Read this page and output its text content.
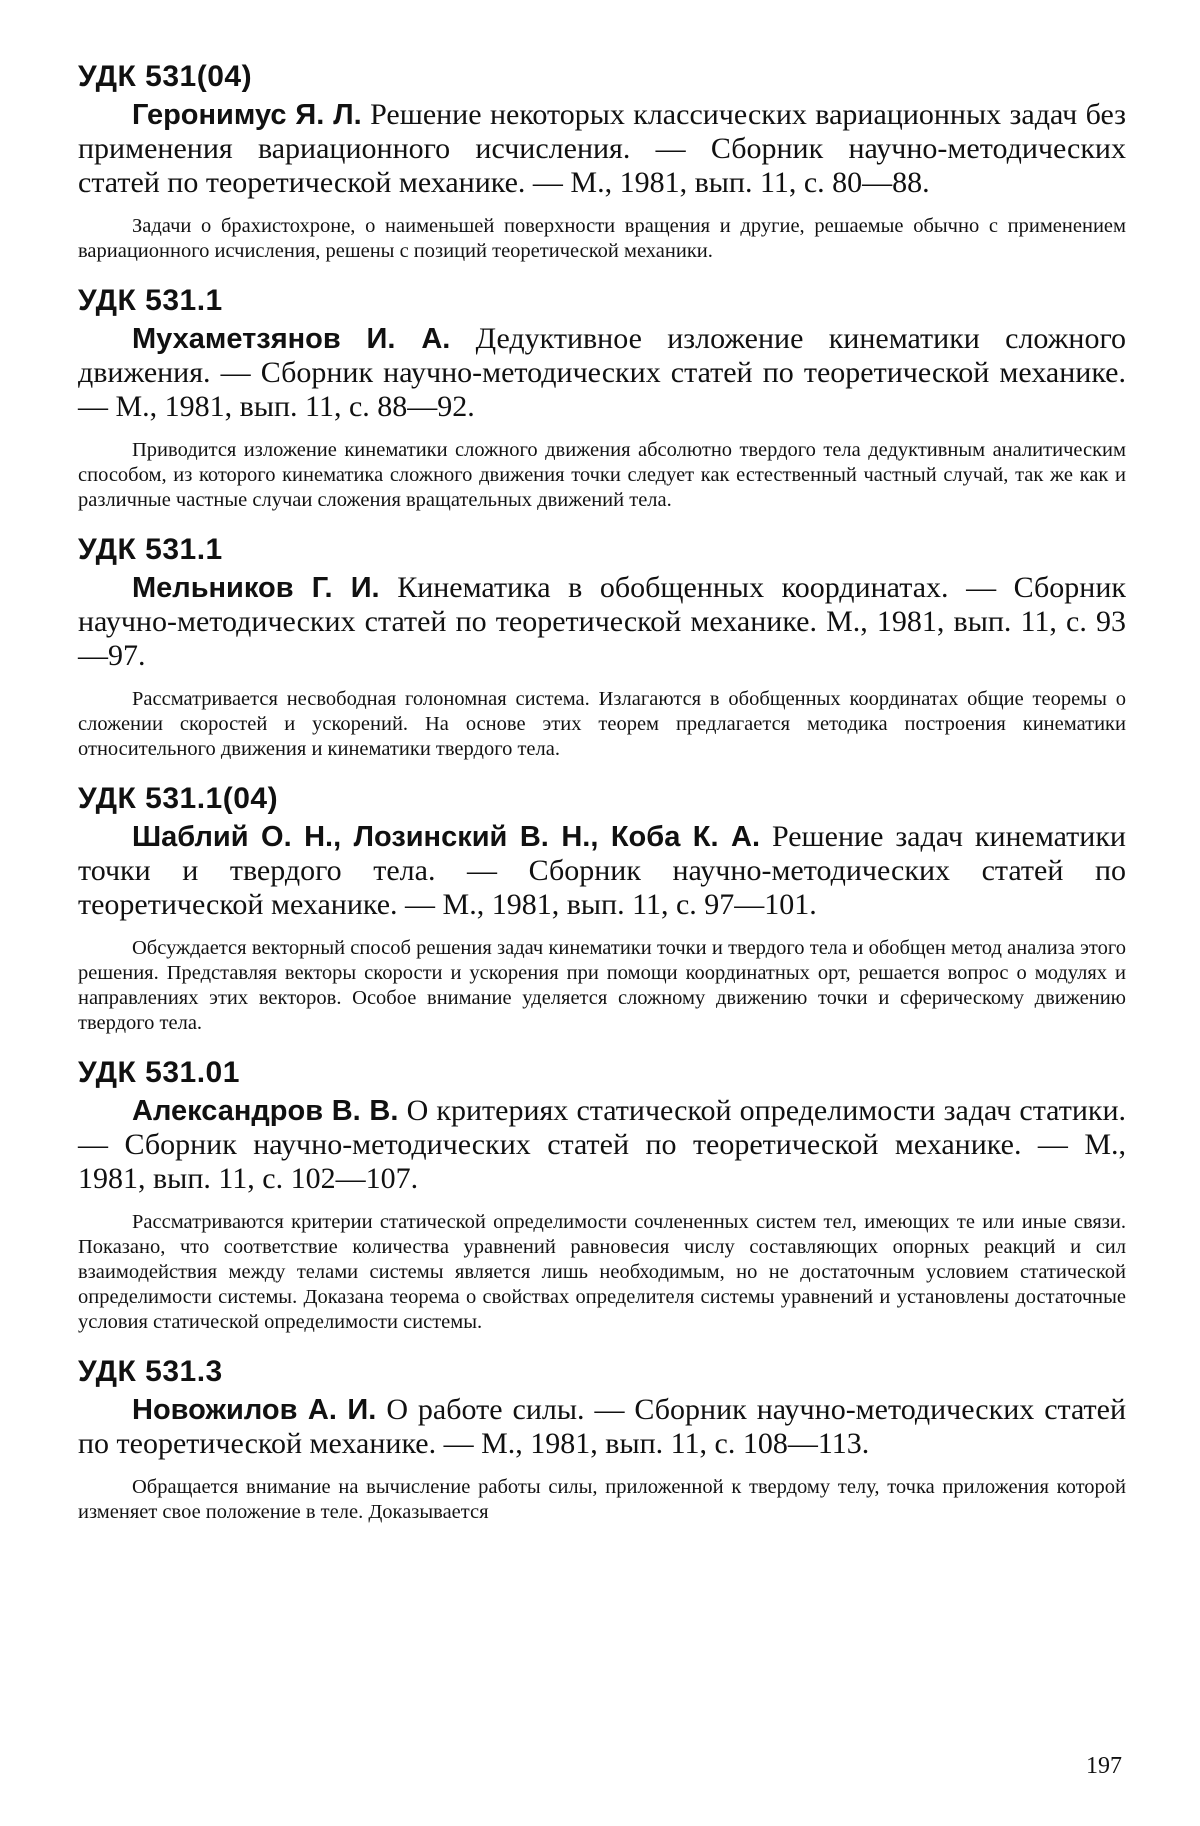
УДК 531(04)

Геронимус Я. Л. Решение некоторых классических вариационных задач без применения вариационного исчисления. — Сборник научно-методических статей по теоретической механике. — М., 1981, вып. 11, с. 80—88.

Задачи о брахистохроне, о наименьшей поверхности вращения и другие, решаемые обычно с применением вариационного исчисления, решены с позиций теоретической механики.

УДК 531.1

Мухаметзянов И. А. Дедуктивное изложение кинематики сложного движения. — Сборник научно-методических статей по теоретической механике. — М., 1981, вып. 11, с. 88—92.

Приводится изложение кинематики сложного движения абсолютно твердого тела дедуктивным аналитическим способом, из которого кинематика сложного движения точки следует как естественный частный случай, так же как и различные частные случаи сложения вращательных движений тела.

УДК 531.1

Мельников Г. И. Кинематика в обобщенных координатах. — Сборник научно-методических статей по теоретической механике. М., 1981, вып. 11, с. 93—97.

Рассматривается несвободная голономная система. Излагаются в обобщенных координатах общие теоремы о сложении скоростей и ускорений. На основе этих теорем предлагается методика построения кинематики относительного движения и кинематики твердого тела.

УДК 531.1(04)

Шаблий О. Н., Лозинский В. Н., Коба К. А. Решение задач кинематики точки и твердого тела. — Сборник научно-методических статей по теоретической механике. — М., 1981, вып. 11, с. 97—101.

Обсуждается векторный способ решения задач кинематики точки и твердого тела и обобщен метод анализа этого решения. Представляя векторы скорости и ускорения при помощи координатных орт, решается вопрос о модулях и направлениях этих векторов. Особое внимание уделяется сложному движению точки и сферическому движению твердого тела.

УДК 531.01

Александров В. В. О критериях статической определимости задач статики. — Сборник научно-методических статей по теоретической механике. — М., 1981, вып. 11, с. 102—107.

Рассматриваются критерии статической определимости сочлененных систем тел, имеющих те или иные связи. Показано, что соответствие количества уравнений равновесия числу составляющих опорных реакций и сил взаимодействия между телами системы является лишь необходимым, но не достаточным условием статической определимости системы. Доказана теорема о свойствах определителя системы уравнений и установлены достаточные условия статической определимости системы.

УДК 531.3

Новожилов А. И. О работе силы. — Сборник научно-методических статей по теоретической механике. — М., 1981, вып. 11, с. 108—113.

Обращается внимание на вычисление работы силы, приложенной к твердому телу, точка приложения которой изменяет свое положение в теле. Доказывается

197
